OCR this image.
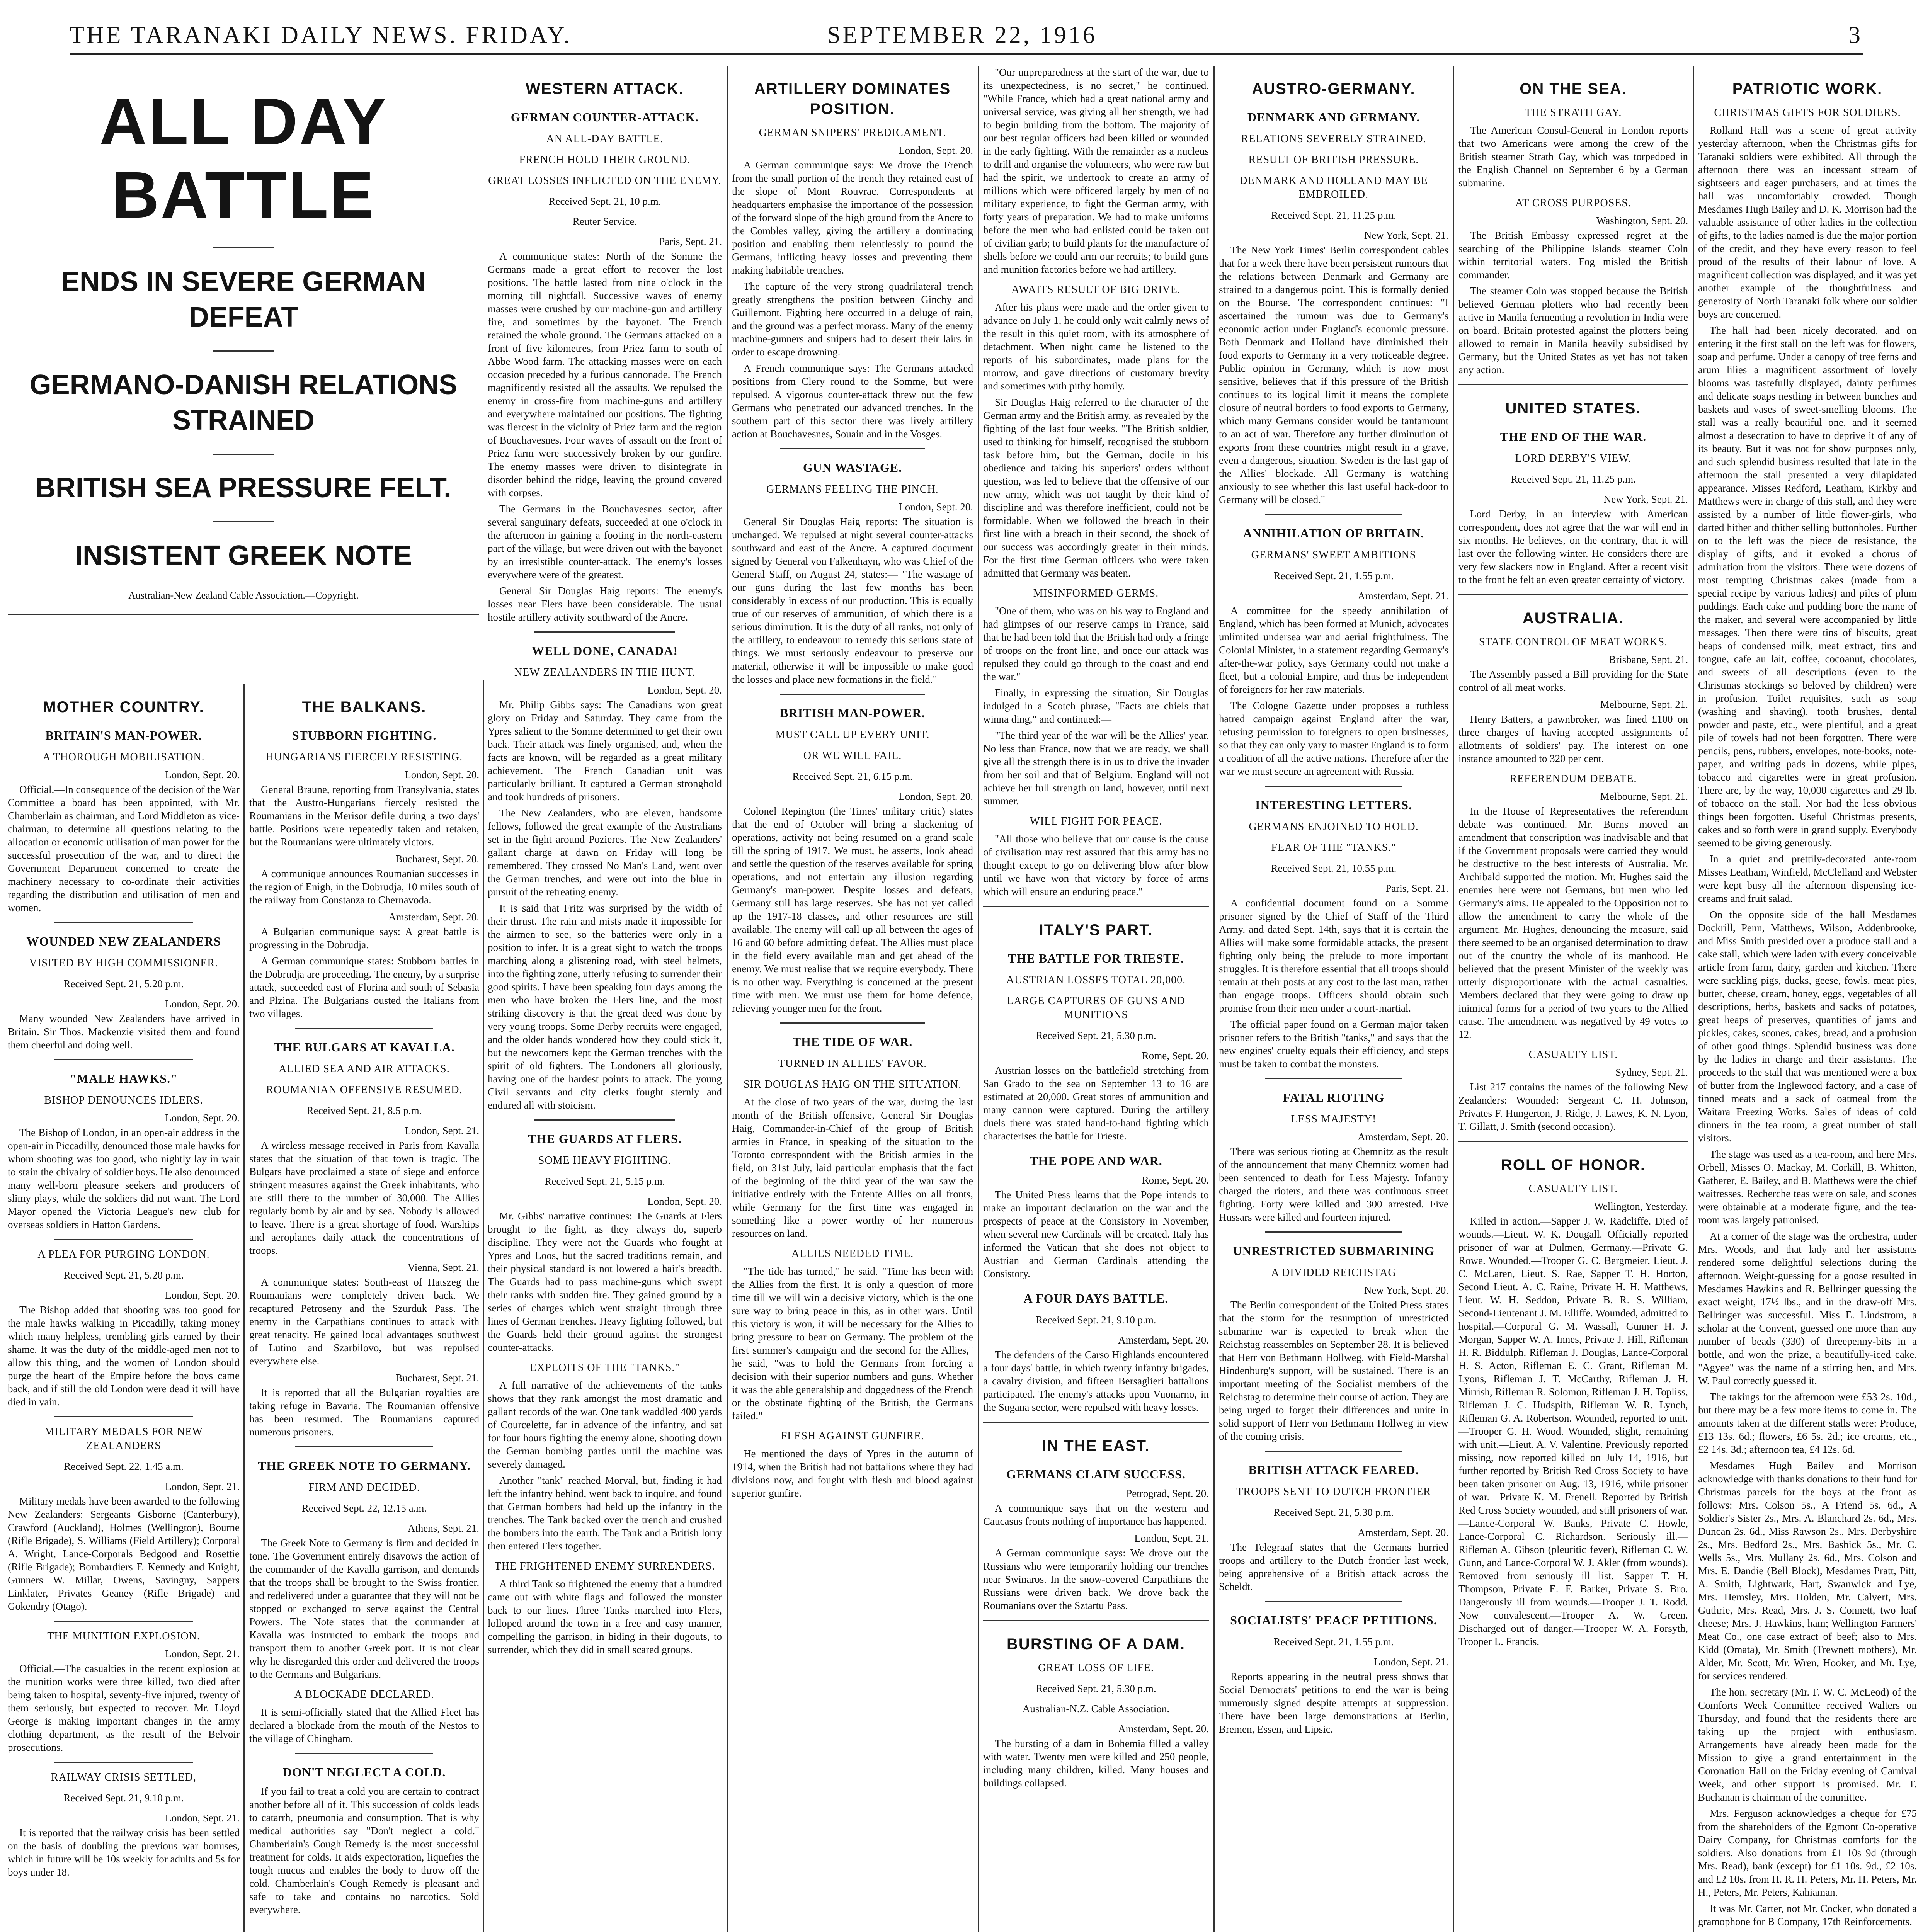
THE TARANAKI DAILY NEWS. FRIDAY.	SEPTEMBER 22, 1916	3
ALL DAY BATTLE
ENDS IN SEVERE GERMAN DEFEAT
GERMANO-DANISH RELATIONS STRAINED
BRITISH SEA PRESSURE FELT.
INSISTENT GREEK NOTE
Australian-New Zealand Cable Association.—Copyright.
MOTHER COUNTRY.
BRITAIN'S MAN-POWER.
A THOROUGH MOBILISATION.
London, Sept. 20.

Official.—In consequence of the decision of the War Committee a board has been appointed, with Mr. Chamberlain as chairman, and Lord Middleton as vice-chairman, to determine all questions relating to the allocation or economic utilisation of man power for the successful prosecution of the war, and to direct the Government Department concerned to create the machinery necessary to co-ordinate their activities regarding the distribution and utilisation of men and women.

WOUNDED NEW ZEALANDERS
VISITED BY HIGH COMMISSIONER.
Received Sept. 21, 5.20 p.m.
London, Sept. 20.

Many wounded New Zealanders have arrived in Britain. Sir Thos. Mackenzie visited them and found them cheerful and doing well.

"MALE HAWKS."
BISHOP DENOUNCES IDLERS.
London, Sept. 20.

The Bishop of London, in an open-air address in the open-air in Piccadilly, denounced those male hawks for whom shooting was too good, who nightly lay in wait to stain the chivalry of soldier boys. He also denounced many well-born pleasure seekers and producers of slimy plays, while the soldiers did not want. The Lord Mayor opened the Victoria League's new club for overseas soldiers in Hatton Gardens.

A PLEA FOR PURGING LONDON.
Received Sept. 21, 5.20 p.m.
London, Sept. 20.

The Bishop added that shooting was too good for the male hawks walking in Piccadilly, taking money which many helpless, trembling girls earned by their shame. It was the duty of the middle-aged men not to allow this thing, and the women of London should purge the heart of the Empire before the boys came back, and if still the old London were dead it will have died in vain.

MILITARY MEDALS FOR NEW ZEALANDERS
Received Sept. 22, 1.45 a.m.
London, Sept. 21.

Military medals have been awarded to the following New Zealanders: Sergeants Gisborne (Canterbury), Crawford (Auckland), Holmes (Wellington), Bourne (Rifle Brigade), S. Williams (Field Artillery); Corporal A. Wright, Lance-Corporals Bedgood and Rosettie (Rifle Brigade); Bombardiers F. Kennedy and Knight, Gunners W. Millar, Owens, Savingny, Sappers Linklater, Privates Geaney (Rifle Brigade) and Gokendry (Otago).

THE MUNITION EXPLOSION.
London, Sept. 21.

Official.—The casualties in the recent explosion at the munition works were three killed, two died after being taken to hospital, seventy-five injured, twenty of them seriously, but expected to recover. Mr. Lloyd George is making important changes in the army clothing department, as the result of the Belvoir prosecutions.

RAILWAY CRISIS SETTLED,
Received Sept. 21, 9.10 p.m.
London, Sept. 21.

It is reported that the railway crisis has been settled on the basis of doubling the previous war bonuses, which in future will be 10s weekly for adults and 5s for boys under 18.

THE BALKANS.
STUBBORN FIGHTING.
HUNGARIANS FIERCELY RESISTING.
London, Sept. 20.

General Braune, reporting from Transylvania, states that the Austro-Hungarians fiercely resisted the Roumanians in the Merisor defile during a two days' battle. Positions were repeatedly taken and retaken, but the Roumanians were ultimately victors.

Bucharest, Sept. 20.

A communique announces Roumanian successes in the region of Enigh, in the Dobrudja, 10 miles south of the railway from Constanza to Chernavoda.

Amsterdam, Sept. 20.

A Bulgarian communique says: A great battle is progressing in the Dobrudja.

A German communique states: Stubborn battles in the Dobrudja are proceeding. The enemy, by a surprise attack, succeeded east of Florina and south of Sebasia and Plzina. The Bulgarians ousted the Italians from two villages.

THE BULGARS AT KAVALLA.
ALLIED SEA AND AIR ATTACKS.
ROUMANIAN OFFENSIVE RESUMED.
Received Sept. 21, 8.5 p.m.
London, Sept. 21.

A wireless message received in Paris from Kavalla states that the situation of that town is tragic. The Bulgars have proclaimed a state of siege and enforce stringent measures against the Greek inhabitants, who are still there to the number of 30,000. The Allies regularly bomb by air and by sea. Nobody is allowed to leave. There is a great shortage of food. Warships and aeroplanes daily attack the concentrations of troops.

Vienna, Sept. 21.

A communique states: South-east of Hatszeg the Roumanians were completely driven back. We recaptured Petroseny and the Szurduk Pass. The enemy in the Carpathians continues to attack with great tenacity. He gained local advantages southwest of Lutino and Szarbilovo, but was repulsed everywhere else.

Bucharest, Sept. 21.

It is reported that all the Bulgarian royalties are taking refuge in Bavaria. The Roumanian offensive has been resumed. The Roumanians captured numerous prisoners.

THE GREEK NOTE TO GERMANY.
FIRM AND DECIDED.
Received Sept. 22, 12.15 a.m.
Athens, Sept. 21.

The Greek Note to Germany is firm and decided in tone. The Government entirely disavows the action of the commander of the Kavalla garrison, and demands that the troops shall be brought to the Swiss frontier, and redelivered under a guarantee that they will not be stopped or exchanged to serve against the Central Powers. The Note states that the commander at Kavalla was instructed to embark the troops and transport them to another Greek port. It is not clear why he disregarded this order and delivered the troops to the Germans and Bulgarians.

A BLOCKADE DECLARED.

It is semi-officially stated that the Allied Fleet has declared a blockade from the mouth of the Nestos to the village of Chingham.

DON'T NEGLECT A COLD.

If you fail to treat a cold you are certain to contract another before all of it. This succession of colds leads to catarrh, pneumonia and consumption. That is why medical authorities say "Don't neglect a cold." Chamberlain's Cough Remedy is the most successful treatment for colds. It aids expectoration, liquefies the tough mucus and enables the body to throw off the cold. Chamberlain's Cough Remedy is pleasant and safe to take and contains no narcotics. Sold everywhere.

WESTERN ATTACK.
GERMAN COUNTER-ATTACK.
AN ALL-DAY BATTLE.
FRENCH HOLD THEIR GROUND.
GREAT LOSSES INFLICTED ON THE ENEMY.
Received Sept. 21, 10 p.m.
Reuter Service.
Paris, Sept. 21.

A communique states: North of the Somme the Germans made a great effort to recover the lost positions. The battle lasted from nine o'clock in the morning till nightfall. Successive waves of enemy masses were crushed by our machine-gun and artillery fire, and sometimes by the bayonet. The French retained the whole ground. The Germans attacked on a front of five kilometres, from Priez farm to south of Abbe Wood farm. The attacking masses were on each occasion preceded by a furious cannonade. The French magnificently resisted all the assaults. We repulsed the enemy in cross-fire from machine-guns and artillery and everywhere maintained our positions. The fighting was fiercest in the vicinity of Priez farm and the region of Bouchavesnes. Four waves of assault on the front of Priez farm were successively broken by our gunfire. The enemy masses were driven to disintegrate in disorder behind the ridge, leaving the ground covered with corpses.

The Germans in the Bouchavesnes sector, after several sanguinary defeats, succeeded at one o'clock in the afternoon in gaining a footing in the north-eastern part of the village, but were driven out with the bayonet by an irresistible counter-attack. The enemy's losses everywhere were of the greatest.

General Sir Douglas Haig reports: The enemy's losses near Flers have been considerable. The usual hostile artillery activity southward of the Ancre.

WELL DONE, CANADA!
NEW ZEALANDERS IN THE HUNT.
London, Sept. 20.

Mr. Philip Gibbs says: The Canadians won great glory on Friday and Saturday. They came from the Ypres salient to the Somme determined to get their own back. Their attack was finely organised, and, when the facts are known, will be regarded as a great military achievement. The French Canadian unit was particularly brilliant. It captured a German stronghold and took hundreds of prisoners.

The New Zealanders, who are eleven, handsome fellows, followed the great example of the Australians set in the fight around Pozieres. The New Zealanders' gallant charge at dawn on Friday will long be remembered. They crossed No Man's Land, went over the German trenches, and were out into the blue in pursuit of the retreating enemy.

It is said that Fritz was surprised by the width of their thrust. The rain and mists made it impossible for the airmen to see, so the batteries were only in a position to infer. It is a great sight to watch the troops marching along a glistening road, with steel helmets, into the fighting zone, utterly refusing to surrender their good spirits. I have been speaking four days among the men who have broken the Flers line, and the most striking discovery is that the great deed was done by very young troops. Some Derby recruits were engaged, and the older hands wondered how they could stick it, but the newcomers kept the German trenches with the spirit of old fighters. The Londoners all gloriously, having one of the hardest points to attack. The young Civil servants and city clerks fought sternly and endured all with stoicism.

THE GUARDS AT FLERS.
SOME HEAVY FIGHTING.
Received Sept. 21, 5.15 p.m.
London, Sept. 20.

Mr. Gibbs' narrative continues: The Guards at Flers brought to the fight, as they always do, superb discipline. They were not the Guards who fought at Ypres and Loos, but the sacred traditions remain, and their physical standard is not lowered a hair's breadth. The Guards had to pass machine-guns which swept their ranks with sudden fire. They gained ground by a series of charges which went straight through three lines of German trenches. Heavy fighting followed, but the Guards held their ground against the strongest counter-attacks.

EXPLOITS OF THE "TANKS."

A full narrative of the achievements of the tanks shows that they rank amongst the most dramatic and gallant records of the war. One tank waddled 400 yards of Courcelette, far in advance of the infantry, and sat for four hours fighting the enemy alone, shooting down the German bombing parties until the machine was severely damaged.

Another "tank" reached Morval, but, finding it had left the infantry behind, went back to inquire, and found that German bombers had held up the infantry in the trenches. The Tank backed over the trench and crushed the bombers into the earth. The Tank and a British lorry then entered Flers together.

THE FRIGHTENED ENEMY SURRENDERS.

A third Tank so frightened the enemy that a hundred came out with white flags and followed the monster back to our lines. Three Tanks marched into Flers, lolloped around the town in a free and easy manner, compelling the garrison, in hiding in their dugouts, to surrender, which they did in small scared groups.

ARTILLERY DOMINATES POSITION.
GERMAN SNIPERS' PREDICAMENT.
London, Sept. 20.

A German communique says: We drove the French from the small portion of the trench they retained east of the slope of Mont Rouvrac. Correspondents at headquarters emphasise the importance of the possession of the forward slope of the high ground from the Ancre to the Combles valley, giving the artillery a dominating position and enabling them relentlessly to pound the Germans, inflicting heavy losses and preventing them making habitable trenches.

The capture of the very strong quadrilateral trench greatly strengthens the position between Ginchy and Guillemont. Fighting here occurred in a deluge of rain, and the ground was a perfect morass. Many of the enemy machine-gunners and snipers had to desert their lairs in order to escape drowning.

A French communique says: The Germans attacked positions from Clery round to the Somme, but were repulsed. A vigorous counter-attack threw out the few Germans who penetrated our advanced trenches. In the southern part of this sector there was lively artillery action at Bouchavesnes, Souain and in the Vosges.

GUN WASTAGE.
GERMANS FEELING THE PINCH.
London, Sept. 20.

General Sir Douglas Haig reports: The situation is unchanged. We repulsed at night several counter-attacks southward and east of the Ancre. A captured document signed by General von Falkenhayn, who was Chief of the General Staff, on August 24, states:— "The wastage of our guns during the last few months has been considerably in excess of our production. This is equally true of our reserves of ammunition, of which there is a serious diminution. It is the duty of all ranks, not only of the artillery, to endeavour to remedy this serious state of things. We must seriously endeavour to preserve our material, otherwise it will be impossible to make good the losses and place new formations in the field."

BRITISH MAN-POWER.
MUST CALL UP EVERY UNIT.
OR WE WILL FAIL.
Received Sept. 21, 6.15 p.m.
London, Sept. 20.

Colonel Repington (the Times' military critic) states that the end of October will bring a slackening of operations, activity not being resumed on a grand scale till the spring of 1917. We must, he asserts, look ahead and settle the question of the reserves available for spring operations, and not entertain any illusion regarding Germany's man-power. Despite losses and defeats, Germany still has large reserves. She has not yet called up the 1917-18 classes, and other resources are still available. The enemy will call up all between the ages of 16 and 60 before admitting defeat. The Allies must place in the field every available man and get ahead of the enemy. We must realise that we require everybody. There is no other way. Everything is concerned at the present time with men. We must use them for home defence, relieving younger men for the front.

THE TIDE OF WAR.
TURNED IN ALLIES' FAVOR.
SIR DOUGLAS HAIG ON THE SITUATION.

At the close of two years of the war, during the last month of the British offensive, General Sir Douglas Haig, Commander-in-Chief of the group of British armies in France, in speaking of the situation to the Toronto correspondent with the British armies in the field, on 31st July, laid particular emphasis that the fact of the beginning of the third year of the war saw the initiative entirely with the Entente Allies on all fronts, while Germany for the first time was engaged in something like a power worthy of her numerous resources on land.

ALLIES NEEDED TIME.

"The tide has turned," he said. "Time has been with the Allies from the first. It is only a question of more time till we will win a decisive victory, which is the one sure way to bring peace in this, as in other wars. Until this victory is won, it will be necessary for the Allies to bring pressure to bear on Germany. The problem of the first summer's campaign and the second for the Allies," he said, "was to hold the Germans from forcing a decision with their superior numbers and guns. Whether it was the able generalship and doggedness of the French or the obstinate fighting of the British, the Germans failed."

FLESH AGAINST GUNFIRE.

He mentioned the days of Ypres in the autumn of 1914, when the British had not battalions where they had divisions now, and fought with flesh and blood against superior gunfire.

"Our unpreparedness at the start of the war, due to its unexpectedness, is no secret," he continued. "While France, which had a great national army and universal service, was giving all her strength, we had to begin building from the bottom. The majority of our best regular officers had been killed or wounded in the early fighting. With the remainder as a nucleus to drill and organise the volunteers, who were raw but had the spirit, we undertook to create an army of millions which were officered largely by men of no military experience, to fight the German army, with forty years of preparation. We had to make uniforms before the men who had enlisted could be taken out of civilian garb; to build plants for the manufacture of shells before we could arm our recruits; to build guns and munition factories before we had artillery.

AWAITS RESULT OF BIG DRIVE.

After his plans were made and the order given to advance on July 1, he could only wait calmly news of the result in this quiet room, with its atmosphere of detachment. When night came he listened to the reports of his subordinates, made plans for the morrow, and gave directions of customary brevity and sometimes with pithy homily.

Sir Douglas Haig referred to the character of the German army and the British army, as revealed by the fighting of the last four weeks. "The British soldier, used to thinking for himself, recognised the stubborn task before him, but the German, docile in his obedience and taking his superiors' orders without question, was led to believe that the offensive of our new army, which was not taught by their kind of discipline and was therefore inefficient, could not be formidable. When we followed the breach in their first line with a breach in their second, the shock of our success was accordingly greater in their minds. For the first time German officers who were taken admitted that Germany was beaten.

MISINFORMED GERMS.

"One of them, who was on his way to England and had glimpses of our reserve camps in France, said that he had been told that the British had only a fringe of troops on the front line, and once our attack was repulsed they could go through to the coast and end the war."

Finally, in expressing the situation, Sir Douglas indulged in a Scotch phrase, "Facts are chiels that winna ding," and continued:—

"The third year of the war will be the Allies' year. No less than France, now that we are ready, we shall give all the strength there is in us to drive the invader from her soil and that of Belgium. England will not achieve her full strength on land, however, until next summer.

WILL FIGHT FOR PEACE.

"All those who believe that our cause is the cause of civilisation may rest assured that this army has no thought except to go on delivering blow after blow until we have won that victory by force of arms which will ensure an enduring peace."

ITALY'S PART.
THE BATTLE FOR TRIESTE.
AUSTRIAN LOSSES TOTAL 20,000.
LARGE CAPTURES OF GUNS AND MUNITIONS
Received Sept. 21, 5.30 p.m.
Rome, Sept. 20.

Austrian losses on the battlefield stretching from San Grado to the sea on September 13 to 16 are estimated at 20,000. Great stores of ammunition and many cannon were captured. During the artillery duels there was stated hand-to-hand fighting which characterises the battle for Trieste.

THE POPE AND WAR.
Rome, Sept. 20.

The United Press learns that the Pope intends to make an important declaration on the war and the prospects of peace at the Consistory in November, when several new Cardinals will be created. Italy has informed the Vatican that she does not object to Austrian and German Cardinals attending the Consistory.

A FOUR DAYS BATTLE.
Received Sept. 21, 9.10 p.m.
Amsterdam, Sept. 20.

The defenders of the Carso Highlands encountered a four days' battle, in which twenty infantry brigades, a cavalry division, and fifteen Bersaglieri battalions participated. The enemy's attacks upon Vuonarno, in the Sugana sector, were repulsed with heavy losses.

IN THE EAST.
GERMANS CLAIM SUCCESS.
Petrograd, Sept. 20.

A communique says that on the western and Caucasus fronts nothing of importance has happened.

London, Sept. 21.

A German communique says: We drove out the Russians who were temporarily holding our trenches near Swinaros. In the snow-covered Carpathians the Russians were driven back. We drove back the Roumanians over the Sztartu Pass.

BURSTING OF A DAM.
GREAT LOSS OF LIFE.
Received Sept. 21, 5.30 p.m.
Australian-N.Z. Cable Association.
Amsterdam, Sept. 20.

The bursting of a dam in Bohemia filled a valley with water. Twenty men were killed and 250 people, including many children, killed. Many houses and buildings collapsed.

AUSTRO-GERMANY.
DENMARK AND GERMANY.
RELATIONS SEVERELY STRAINED.
RESULT OF BRITISH PRESSURE.
DENMARK AND HOLLAND MAY BE EMBROILED.
Received Sept. 21, 11.25 p.m.
New York, Sept. 21.

The New York Times' Berlin correspondent cables that for a week there have been persistent rumours that the relations between Denmark and Germany are strained to a dangerous point. This is formally denied on the Bourse. The correspondent continues: "I ascertained the rumour was due to Germany's economic action under England's economic pressure. Both Denmark and Holland have diminished their food exports to Germany in a very noticeable degree. Public opinion in Germany, which is now most sensitive, believes that if this pressure of the British continues to its logical limit it means the complete closure of neutral borders to food exports to Germany, which many Germans consider would be tantamount to an act of war. Therefore any further diminution of exports from these countries might result in a grave, even a dangerous, situation. Sweden is the last gap of the Allies' blockade. All Germany is watching anxiously to see whether this last useful back-door to Germany will be closed."

ANNIHILATION OF BRITAIN.
GERMANS' SWEET AMBITIONS
Received Sept. 21, 1.55 p.m.
Amsterdam, Sept. 21.

A committee for the speedy annihilation of England, which has been formed at Munich, advocates unlimited undersea war and aerial frightfulness. The Colonial Minister, in a statement regarding Germany's after-the-war policy, says Germany could not make a fleet, but a colonial Empire, and thus be independent of foreigners for her raw materials.

The Cologne Gazette under proposes a ruthless hatred campaign against England after the war, refusing permission to foreigners to open businesses, so that they can only vary to master England is to form a coalition of all the active nations. Therefore after the war we must secure an agreement with Russia.

INTERESTING LETTERS.
GERMANS ENJOINED TO HOLD.
FEAR OF THE "TANKS."
Received Sept. 21, 10.55 p.m.
Paris, Sept. 21.

A confidential document found on a Somme prisoner signed by the Chief of Staff of the Third Army, and dated Sept. 14th, says that it is certain the Allies will make some formidable attacks, the present fighting only being the prelude to more important struggles. It is therefore essential that all troops should remain at their posts at any cost to the last man, rather than engage troops. Officers should obtain such promise from their men under a court-martial.

The official paper found on a German major taken prisoner refers to the British "tanks," and says that the new engines' cruelty equals their efficiency, and steps must be taken to combat the monsters.

FATAL RIOTING
LESS MAJESTY!
Amsterdam, Sept. 20.

There was serious rioting at Chemnitz as the result of the announcement that many Chemnitz women had been sentenced to death for Less Majesty. Infantry charged the rioters, and there was continuous street fighting. Forty were killed and 300 arrested. Five Hussars were killed and fourteen injured.

UNRESTRICTED SUBMARINING
A DIVIDED REICHSTAG
New York, Sept. 20.

The Berlin correspondent of the United Press states that the storm for the resumption of unrestricted submarine war is expected to break when the Reichstag reassembles on September 28. It is believed that Herr von Bethmann Hollweg, with Field-Marshal Hindenburg's support, will be sustained. There is an important meeting of the Socialist members of the Reichstag to determine their course of action. They are being urged to forget their differences and unite in solid support of Herr von Bethmann Hollweg in view of the coming crisis.

BRITISH ATTACK FEARED.
TROOPS SENT TO DUTCH FRONTIER
Received Sept. 21, 5.30 p.m.
Amsterdam, Sept. 20.

The Telegraaf states that the Germans hurried troops and artillery to the Dutch frontier last week, being apprehensive of a British attack across the Scheldt.

SOCIALISTS' PEACE PETITIONS.
Received Sept. 21, 1.55 p.m.
London, Sept. 21.

Reports appearing in the neutral press shows that Social Democrats' petitions to end the war is being numerously signed despite attempts at suppression. There have been large demonstrations at Berlin, Bremen, Essen, and Lipsic.

ON THE SEA.
THE STRATH GAY.

The American Consul-General in London reports that two Americans were among the crew of the British steamer Strath Gay, which was torpedoed in the English Channel on September 6 by a German submarine.

AT CROSS PURPOSES.
Washington, Sept. 20.

The British Embassy expressed regret at the searching of the Philippine Islands steamer Coln within territorial waters. Fog misled the British commander.

The steamer Coln was stopped because the British believed German plotters who had recently been active in Manila fermenting a revolution in India were on board. Britain protested against the plotters being allowed to remain in Manila heavily subsidised by Germany, but the United States as yet has not taken any action.

UNITED STATES.
THE END OF THE WAR.
LORD DERBY'S VIEW.
Received Sept. 21, 11.25 p.m.
New York, Sept. 21.

Lord Derby, in an interview with American correspondent, does not agree that the war will end in six months. He believes, on the contrary, that it will last over the following winter. He considers there are very few slackers now in England. After a recent visit to the front he felt an even greater certainty of victory.

AUSTRALIA.
STATE CONTROL OF MEAT WORKS.
Brisbane, Sept. 21.

The Assembly passed a Bill providing for the State control of all meat works.

Melbourne, Sept. 21.

Henry Batters, a pawnbroker, was fined £100 on three charges of having accepted assignments of allotments of soldiers' pay. The interest on one instance amounted to 320 per cent.

REFERENDUM DEBATE.
Melbourne, Sept. 21.

In the House of Representatives the referendum debate was continued. Mr. Burns moved an amendment that conscription was inadvisable and that if the Government proposals were carried they would be destructive to the best interests of Australia. Mr. Archibald supported the motion. Mr. Hughes said the enemies here were not Germans, but men who led Germany's aims. He appealed to the Opposition not to allow the amendment to carry the whole of the argument. Mr. Hughes, denouncing the measure, said there seemed to be an organised determination to draw out of the country the whole of its manhood. He believed that the present Minister of the weekly was utterly disproportionate with the actual casualties. Members declared that they were going to draw up inimical forms for a period of two years to the Allied cause. The amendment was negatived by 49 votes to 12.

CASUALTY LIST.
Sydney, Sept. 21.

List 217 contains the names of the following New Zealanders: Wounded: Sergeant C. H. Johnson, Privates F. Hungerton, J. Ridge, J. Lawes, K. N. Lyon, T. Gillatt, J. Smith (second occasion).

ROLL OF HONOR.
CASUALTY LIST.
Wellington, Yesterday.

Killed in action.—Sapper J. W. Radcliffe. Died of wounds.—Lieut. W. K. Dougall. Officially reported prisoner of war at Dulmen, Germany.—Private G. Rowe. Wounded.—Trooper G. C. Bergmeier, Lieut. J. C. McLaren, Lieut. S. Rae, Sapper T. H. Horton, Second Lieut. A. C. Raine, Private H. H. Matthews, Lieut. W. H. Seddon, Private B. R. S. William, Second-Lieutenant J. M. Elliffe. Wounded, admitted to hospital.—Corporal G. M. Wassall, Gunner H. J. Morgan, Sapper W. A. Innes, Private J. Hill, Rifleman H. R. Biddulph, Rifleman J. Douglas, Lance-Corporal H. S. Acton, Rifleman E. C. Grant, Rifleman M. Lyons, Rifleman J. T. McCarthy, Rifleman J. H. Mirrish, Rifleman R. Solomon, Rifleman J. H. Topliss, Rifleman J. C. Hudspith, Rifleman W. R. Lynch, Rifleman G. A. Robertson. Wounded, reported to unit.—Trooper G. H. Wood. Wounded, slight, remaining with unit.—Lieut. A. V. Valentine. Previously reported missing, now reported killed on July 14, 1916, but further reported by British Red Cross Society to have been taken prisoner on Aug. 13, 1916, while prisoner of war.—Private K. M. Frenell. Reported by British Red Cross Society wounded, and still prisoners of war.—Lance-Corporal W. Banks, Private C. Howle, Lance-Corporal C. Richardson. Seriously ill.—Rifleman A. Gibson (pleuritic fever), Rifleman C. W. Gunn, and Lance-Corporal W. J. Akler (from wounds). Removed from seriously ill list.—Sapper T. H. Thompson, Private E. F. Barker, Private S. Bro. Dangerously ill from wounds.—Trooper J. T. Rodd. Now convalescent.—Trooper A. W. Green. Discharged out of danger.—Trooper W. A. Forsyth, Trooper L. Francis.

PATRIOTIC WORK.
CHRISTMAS GIFTS FOR SOLDIERS.

Rolland Hall was a scene of great activity yesterday afternoon, when the Christmas gifts for Taranaki soldiers were exhibited. All through the afternoon there was an incessant stream of sightseers and eager purchasers, and at times the hall was uncomfortably crowded. Though Mesdames Hugh Bailey and D. K. Morrison had the valuable assistance of other ladies in the collection of gifts, to the ladies named is due the major portion of the credit, and they have every reason to feel proud of the results of their labour of love. A magnificent collection was displayed, and it was yet another example of the thoughtfulness and generosity of North Taranaki folk where our soldier boys are concerned.

The hall had been nicely decorated, and on entering it the first stall on the left was for flowers, soap and perfume. Under a canopy of tree ferns and arum lilies a magnificent assortment of lovely blooms was tastefully displayed, dainty perfumes and delicate soaps nestling in between bunches and baskets and vases of sweet-smelling blooms. The stall was a really beautiful one, and it seemed almost a desecration to have to deprive it of any of its beauty. But it was not for show purposes only, and such splendid business resulted that late in the afternoon the stall presented a very dilapidated appearance. Misses Redford, Leatham, Kirkby and Matthews were in charge of this stall, and they were assisted by a number of little flower-girls, who darted hither and thither selling buttonholes. Further on to the left was the piece de resistance, the display of gifts, and it evoked a chorus of admiration from the visitors. There were dozens of most tempting Christmas cakes (made from a special recipe by various ladies) and piles of plum puddings. Each cake and pudding bore the name of the maker, and several were accompanied by little messages. Then there were tins of biscuits, great heaps of condensed milk, meat extract, tins and tongue, cafe au lait, coffee, cocoanut, chocolates, and sweets of all descriptions (even to the Christmas stockings so beloved by children) were in profusion. Toilet requisites, such as soap (washing and shaving), tooth brushes, dental powder and paste, etc., were plentiful, and a great pile of towels had not been forgotten. There were pencils, pens, rubbers, envelopes, note-books, note-paper, and writing pads in dozens, while pipes, tobacco and cigarettes were in great profusion. There are, by the way, 10,000 cigarettes and 29 lb. of tobacco on the stall. Nor had the less obvious things been forgotten. Useful Christmas presents, cakes and so forth were in grand supply. Everybody seemed to be giving generously.

In a quiet and prettily-decorated ante-room Misses Leatham, Winfield, McClelland and Webster were kept busy all the afternoon dispensing ice-creams and fruit salad.

On the opposite side of the hall Mesdames Dockrill, Penn, Matthews, Wilson, Addenbrooke, and Miss Smith presided over a produce stall and a cake stall, which were laden with every conceivable article from farm, dairy, garden and kitchen. There were suckling pigs, ducks, geese, fowls, meat pies, butter, cheese, cream, honey, eggs, vegetables of all descriptions, herbs, baskets and sacks of potatoes, great heaps of preserves, quantities of jams and pickles, cakes, scones, cakes, bread, and a profusion of other good things. Splendid business was done by the ladies in charge and their assistants. The proceeds to the stall that was mentioned were a box of butter from the Inglewood factory, and a case of tinned meats and a sack of oatmeal from the Waitara Freezing Works. Sales of ideas of cold dinners in the tea room, a great number of stall visitors.

The stage was used as a tea-room, and here Mrs. Orbell, Misses O. Mackay, M. Corkill, B. Whitton, Gatherer, E. Bailey, and B. Matthews were the chief waitresses. Recherche teas were on sale, and scones were obtainable at a moderate figure, and the tea-room was largely patronised.

At a corner of the stage was the orchestra, under Mrs. Woods, and that lady and her assistants rendered some delightful selections during the afternoon. Weight-guessing for a goose resulted in Mesdames Hawkins and R. Bellringer guessing the exact weight, 17½ lbs., and in the draw-off Mrs. Bellringer was successful. Miss E. Lindstrom, a scholar at the Convent, guessed one more than any number of beads (330) of threepenny-bits in a bottle, and won the prize, a beautifully-iced cake. "Agyee" was the name of a stirring hen, and Mrs. W. Paul correctly guessed it.

The takings for the afternoon were £53 2s. 10d., but there may be a few more items to come in. The amounts taken at the different stalls were: Produce, £13 13s. 6d.; flowers, £6 5s. 2d.; ice creams, etc., £2 14s. 3d.; afternoon tea, £4 12s. 6d.

Mesdames Hugh Bailey and Morrison acknowledge with thanks donations to their fund for Christmas parcels for the boys at the front as follows: Mrs. Colson 5s., A Friend 5s. 6d., A Soldier's Sister 2s., Mrs. A. Blanchard 2s. 6d., Mrs. Duncan 2s. 6d., Miss Rawson 2s., Mrs. Derbyshire 2s., Mrs. Bedford 2s., Mrs. Bashick 5s., Mr. C. Wells 5s., Mrs. Mullany 2s. 6d., Mrs. Colson and Mrs. E. Dandie (Bell Block), Mesdames Pratt, Pitt, A. Smith, Lightwark, Hart, Swanwick and Lye, Mrs. Hemsley, Mrs. Holden, Mr. Calvert, Mrs. Guthrie, Mrs. Read, Mrs. J. S. Connett, two loaf cheese; Mrs. J. Hawkins, ham; Wellington Farmers' Meat Co., one case extract of beef; also to Mrs. Kidd (Omata), Mr. Smith (Trewnett mothers), Mr. Alder, Mr. Scott, Mr. Wren, Hooker, and Mr. Lye, for services rendered.

The hon. secretary (Mr. F. W. C. McLeod) of the Comforts Week Committee received Walters on Thursday, and found that the residents there are taking up the project with enthusiasm. Arrangements have already been made for the Mission to give a grand entertainment in the Coronation Hall on the Friday evening of Carnival Week, and other support is promised. Mr. T. Buchanan is chairman of the committee.

Mrs. Ferguson acknowledges a cheque for £75 from the shareholders of the Egmont Co-operative Dairy Company, for Christmas comforts for the soldiers. Also donations from £1 10s 9d (through Mrs. Read), bank (except) for £1 10s. 9d., £2 10s. and £2 10s. from H. R. H. Peters, Mr. H. Peters, Mr. H., Peters, Mr. Peters, Kahiaman.

It was Mr. Carter, not Mr. Cocker, who donated a gramophone for B Company, 17th Reinforcements.
